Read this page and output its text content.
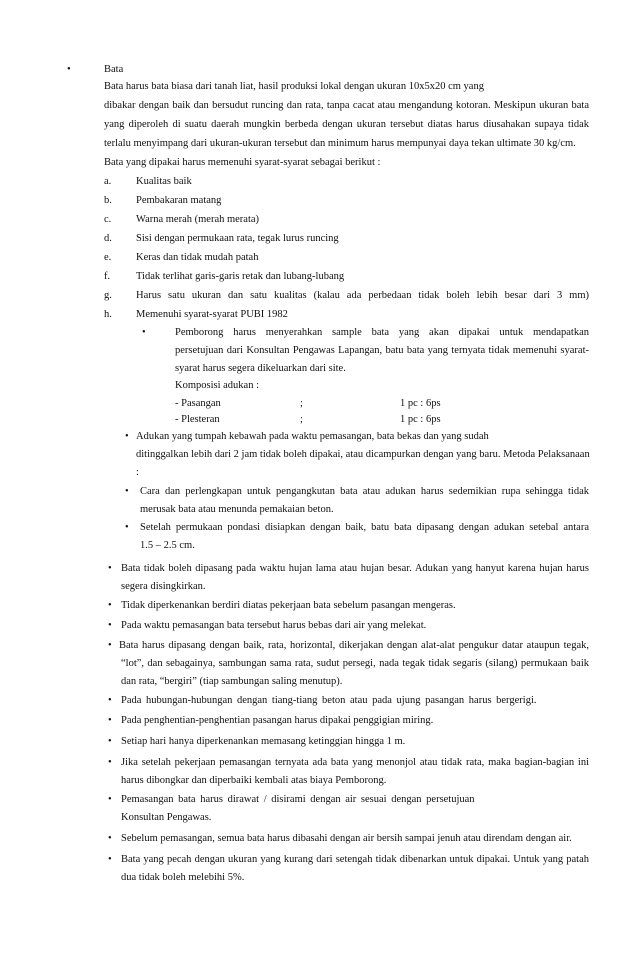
•	Bata
Bata harus bata biasa dari tanah liat, hasil produksi lokal dengan ukuran 10x5x20 cm yang
dibakar dengan baik dan bersudut runcing dan rata, tanpa cacat atau mengandung kotoran. Meskipun ukuran bata
yang diperoleh di suatu daerah mungkin berbeda dengan ukuran tersebut diatas harus diusahakan supaya tidak
terlalu menyimpang dari ukuran-ukuran tersebut dan minimum harus mempunyai daya tekan ultimate 30 kg/cm.
Bata yang dipakai harus memenuhi syarat-syarat sebagai berikut :
a. Kualitas baik
b. Pembakaran matang
c. Warna merah (merah merata)
d. Sisi dengan permukaan rata, tegak lurus runcing
e. Keras dan tidak mudah patah
f. Tidak terlihat garis-garis retak dan lubang-lubang
g. Harus satu ukuran dan satu kualitas (kalau ada perbedaan tidak boleh lebih besar dari 3 mm)
h. Memenuhi syarat-syarat PUBI 1982
•	Pemborong harus menyerahkan sample bata yang akan dipakai untuk mendapatkan
persetujuan dari Konsultan Pengawas Lapangan, batu bata yang ternyata tidak memenuhi syarat-
syarat harus segera dikeluarkan dari site.
Komposisi adukan :
- Pasangan	;	1 pc : 6ps
- Plesteran	;	1 pc : 6ps
• Adukan yang tumpah kebawah pada waktu pemasangan, bata bekas dan yang sudah
ditinggalkan lebih dari 2 jam tidak boleh dipakai, atau dicampurkan dengan yang baru. Metoda Pelaksanaan
:
• Cara dan perlengkapan untuk pengangkutan bata atau adukan harus sedemikian rupa sehingga tidak
merusak bata atau menunda pemakaian beton.
• Setelah permukaan pondasi disiapkan dengan baik, batu bata dipasang dengan adukan setebal antara
1.5 – 2.5 cm.
• Bata tidak boleh dipasang pada waktu hujan lama atau hujan besar. Adukan yang hanyut karena hujan harus
segera disingkirkan.
• Tidak diperkenankan berdiri diatas pekerjaan bata sebelum pasangan mengeras.
• Pada waktu pemasangan bata tersebut harus bebas dari air yang melekat.
• Bata harus dipasang dengan baik, rata, horizontal, dikerjakan dengan alat-alat pengukur datar ataupun tegak,
“lot”, dan sebagainya, sambungan sama rata, sudut persegi, nada tegak tidak segaris (silang) permukaan baik
dan rata, “bergiri” (tiap sambungan saling menutup).
• Pada hubungan-hubungan dengan tiang-tiang beton atau pada ujung pasangan harus bergerigi.
• Pada penghentian-penghentian pasangan harus dipakai penggigian miring.
• Setiap hari hanya diperkenankan memasang ketinggian hingga 1 m.
• Jika setelah pekerjaan pemasangan ternyata ada bata yang menonjol atau tidak rata, maka bagian-bagian ini
harus dibongkar dan diperbaiki kembali atas biaya Pemborong.
• Pemasangan bata harus dirawat / disirami dengan air sesuai dengan persetujuan
Konsultan Pengawas.
• Sebelum pemasangan, semua bata harus dibasahi dengan air bersih sampai jenuh atau direndam dengan air.
• Bata yang pecah dengan ukuran yang kurang dari setengah tidak dibenarkan untuk dipakai. Untuk yang patah
dua tidak boleh melebihi 5%.
